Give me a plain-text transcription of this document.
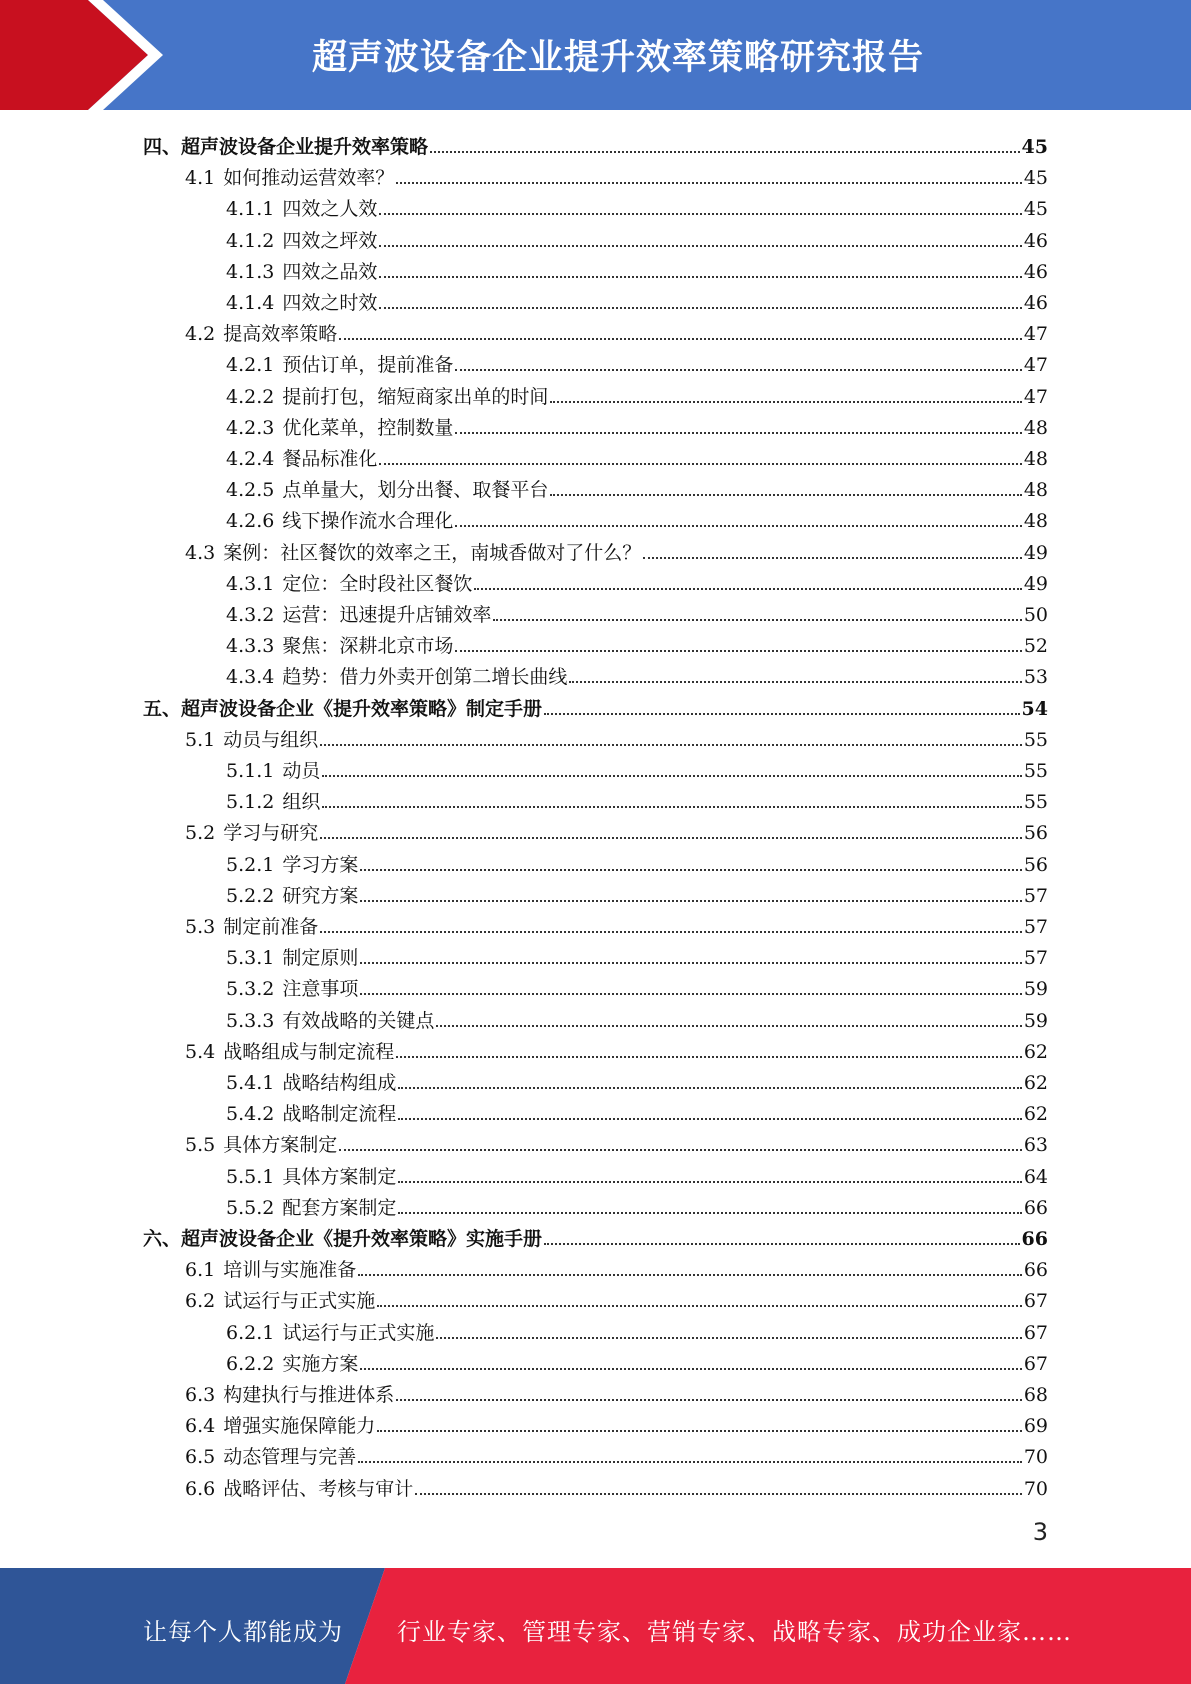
超声波设备企业提升效率策略研究报告
四、超声波设备企业提升效率策略	45
4.1 如何推动运营效率？	45
4.1.1 四效之人效	45
4.1.2 四效之坪效	46
4.1.3 四效之品效	46
4.1.4 四效之时效	46
4.2 提高效率策略	47
4.2.1 预估订单，提前准备	47
4.2.2 提前打包，缩短商家出单的时间	47
4.2.3 优化菜单，控制数量	48
4.2.4 餐品标准化	48
4.2.5 点单量大，划分出餐、取餐平台	48
4.2.6 线下操作流水合理化	48
4.3 案例：社区餐饮的效率之王，南城香做对了什么？	49
4.3.1 定位：全时段社区餐饮	49
4.3.2 运营：迅速提升店铺效率	50
4.3.3 聚焦：深耕北京市场	52
4.3.4 趋势：借力外卖开创第二增长曲线	53
五、超声波设备企业《提升效率策略》制定手册	54
5.1 动员与组织	55
5.1.1 动员	55
5.1.2 组织	55
5.2 学习与研究	56
5.2.1 学习方案	56
5.2.2 研究方案	57
5.3 制定前准备	57
5.3.1 制定原则	57
5.3.2 注意事项	59
5.3.3 有效战略的关键点	59
5.4 战略组成与制定流程	62
5.4.1 战略结构组成	62
5.4.2 战略制定流程	62
5.5 具体方案制定	63
5.5.1 具体方案制定	64
5.5.2 配套方案制定	66
六、超声波设备企业《提升效率策略》实施手册	66
6.1 培训与实施准备	66
6.2 试运行与正式实施	67
6.2.1 试运行与正式实施	67
6.2.2 实施方案	67
6.3 构建执行与推进体系	68
6.4 增强实施保障能力	69
6.5 动态管理与完善	70
6.6 战略评估、考核与审计	70
3
让每个人都能成为 行业专家、管理专家、营销专家、战略专家、成功企业家……
